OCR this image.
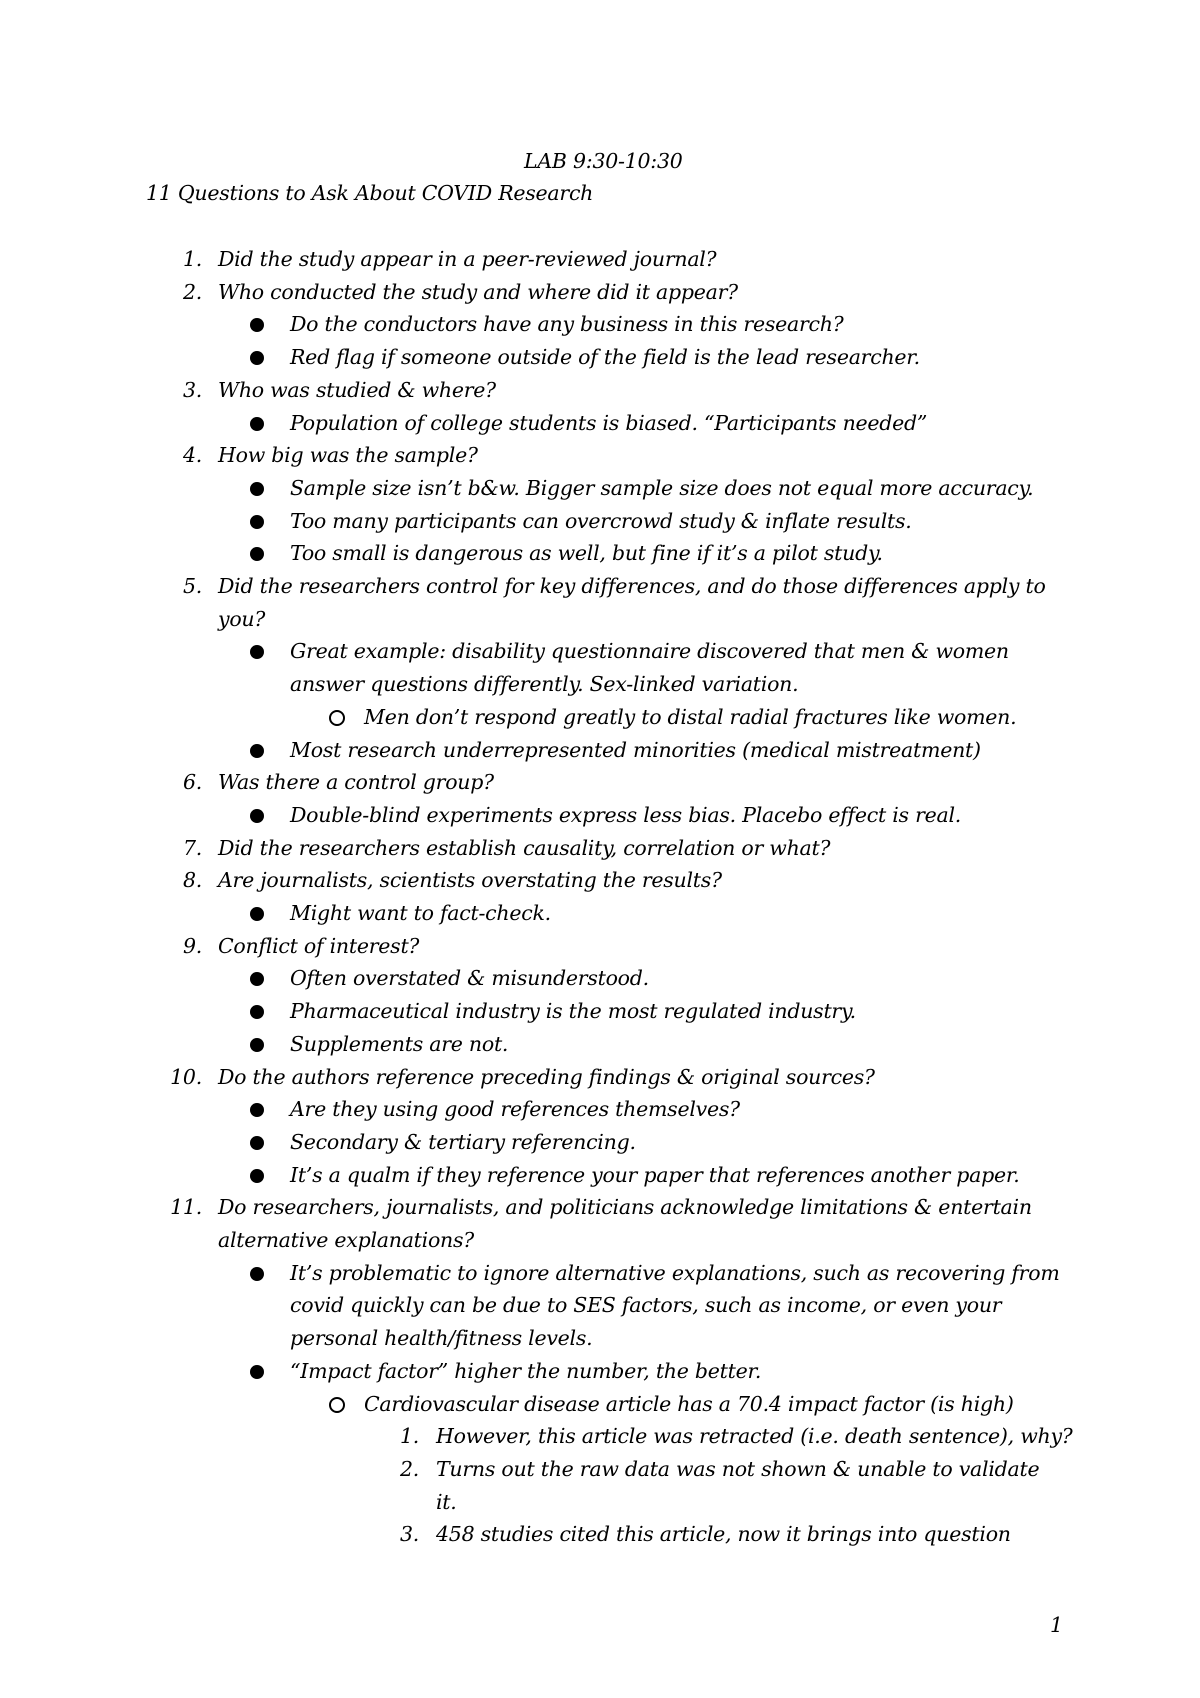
LAB 9:30-10:30
11 Questions to Ask About COVID Research
1. Did the study appear in a peer-reviewed journal?
2. Who conducted the study and where did it appear?
Do the conductors have any business in this research?
Red flag if someone outside of the field is the lead researcher.
3. Who was studied & where?
Population of college students is biased. “Participants needed”
4. How big was the sample?
Sample size isn’t b&w. Bigger sample size does not equal more accuracy.
Too many participants can overcrowd study & inflate results.
Too small is dangerous as well, but fine if it’s a pilot study.
5. Did the researchers control for key differences, and do those differences apply to
you?
Great example: disability questionnaire discovered that men & women
answer questions differently. Sex-linked variation.
Men don’t respond greatly to distal radial fractures like women.
Most research underrepresented minorities (medical mistreatment)
6. Was there a control group?
Double-blind experiments express less bias. Placebo effect is real.
7. Did the researchers establish causality, correlation or what?
8. Are journalists, scientists overstating the results?
Might want to fact-check.
9. Conflict of interest?
Often overstated & misunderstood.
Pharmaceutical industry is the most regulated industry.
Supplements are not.
10. Do the authors reference preceding findings & original sources?
Are they using good references themselves?
Secondary & tertiary referencing.
It’s a qualm if they reference your paper that references another paper.
11. Do researchers, journalists, and politicians acknowledge limitations & entertain
alternative explanations?
It’s problematic to ignore alternative explanations, such as recovering from
covid quickly can be due to SES factors, such as income, or even your
personal health/fitness levels.
“Impact factor” higher the number, the better.
Cardiovascular disease article has a 70.4 impact factor (is high)
1. However, this article was retracted (i.e. death sentence), why?
2. Turns out the raw data was not shown & unable to validate
it.
3. 458 studies cited this article, now it brings into question
1
